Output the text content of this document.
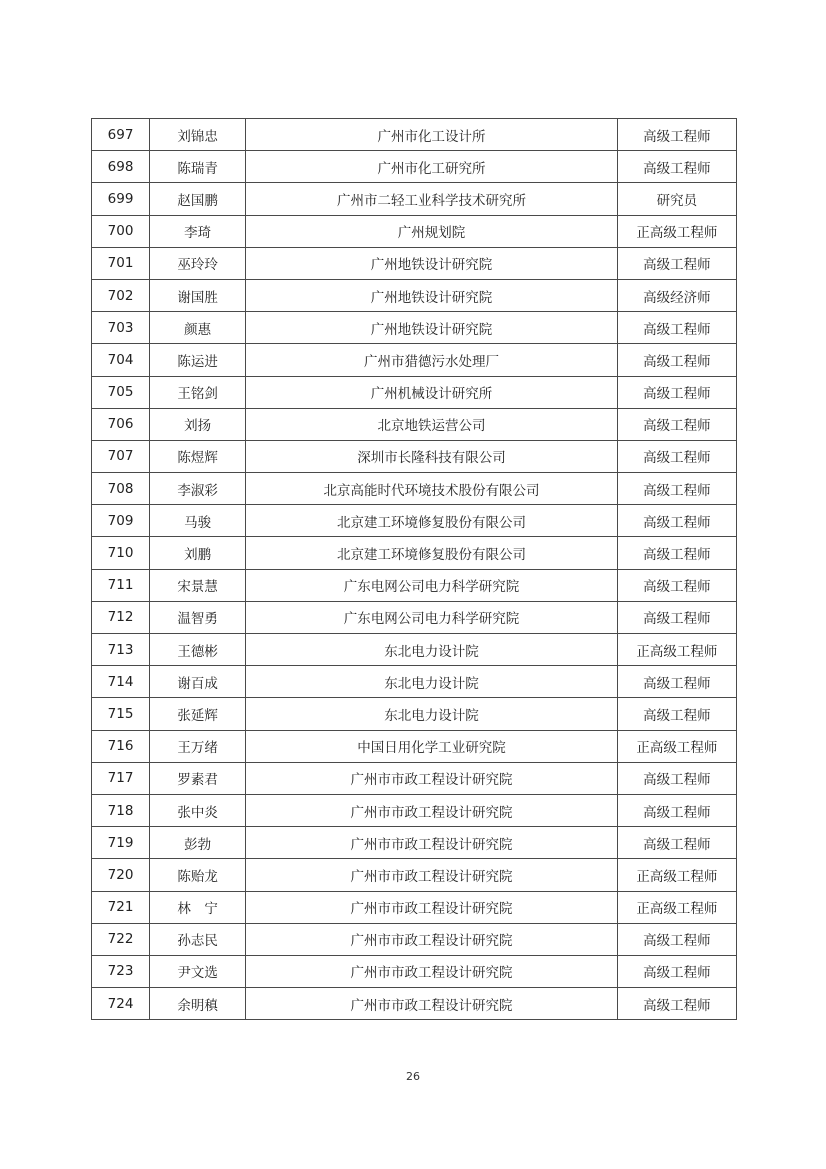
697	刘锦忠	广州市化工设计所	高级工程师
698	陈瑞青	广州市化工研究所	高级工程师
699	赵国鹏	广州市二轻工业科学技术研究所	研究员
700	李琦	广州规划院	正高级工程师
701	巫玲玲	广州地铁设计研究院	高级工程师
702	谢国胜	广州地铁设计研究院	高级经济师
703	颜惠	广州地铁设计研究院	高级工程师
704	陈运进	广州市猎德污水处理厂	高级工程师
705	王铭剑	广州机械设计研究所	高级工程师
706	刘扬	北京地铁运营公司	高级工程师
707	陈煜辉	深圳市长隆科技有限公司	高级工程师
708	李淑彩	北京高能时代环境技术股份有限公司	高级工程师
709	马骏	北京建工环境修复股份有限公司	高级工程师
710	刘鹏	北京建工环境修复股份有限公司	高级工程师
711	宋景慧	广东电网公司电力科学研究院	高级工程师
712	温智勇	广东电网公司电力科学研究院	高级工程师
713	王德彬	东北电力设计院	正高级工程师
714	谢百成	东北电力设计院	高级工程师
715	张延辉	东北电力设计院	高级工程师
716	王万绪	中国日用化学工业研究院	正高级工程师
717	罗素君	广州市市政工程设计研究院	高级工程师
718	张中炎	广州市市政工程设计研究院	高级工程师
719	彭勃	广州市市政工程设计研究院	高级工程师
720	陈贻龙	广州市市政工程设计研究院	正高级工程师
721	林　宁	广州市市政工程设计研究院	正高级工程师
722	孙志民	广州市市政工程设计研究院	高级工程师
723	尹文选	广州市市政工程设计研究院	高级工程师
724	余明稹	广州市市政工程设计研究院	高级工程师
26
